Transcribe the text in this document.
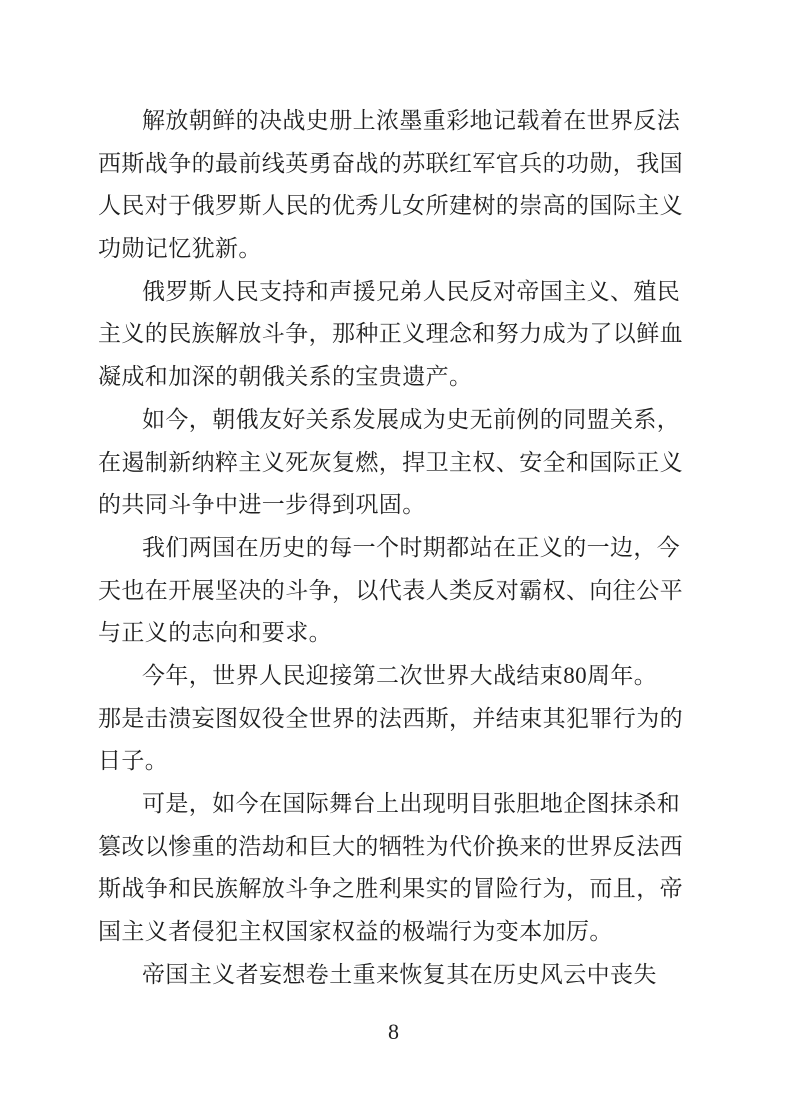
解放朝鲜的决战史册上浓墨重彩地记载着在世界反法
西斯战争的最前线英勇奋战的苏联红军官兵的功勋，我国
人民对于俄罗斯人民的优秀儿女所建树的崇高的国际主义
功勋记忆犹新。
俄罗斯人民支持和声援兄弟人民反对帝国主义、殖民
主义的民族解放斗争，那种正义理念和努力成为了以鲜血
凝成和加深的朝俄关系的宝贵遗产。
如今，朝俄友好关系发展成为史无前例的同盟关系，
在遏制新纳粹主义死灰复燃，捍卫主权、安全和国际正义
的共同斗争中进一步得到巩固。
我们两国在历史的每一个时期都站在正义的一边，今
天也在开展坚决的斗争，以代表人类反对霸权、向往公平
与正义的志向和要求。
今年，世界人民迎接第二次世界大战结束80周年。
那是击溃妄图奴役全世界的法西斯，并结束其犯罪行为的
日子。
可是，如今在国际舞台上出现明目张胆地企图抹杀和
篡改以惨重的浩劫和巨大的牺牲为代价换来的世界反法西
斯战争和民族解放斗争之胜利果实的冒险行为，而且，帝
国主义者侵犯主权国家权益的极端行为变本加厉。
帝国主义者妄想卷土重来恢复其在历史风云中丧失
8
